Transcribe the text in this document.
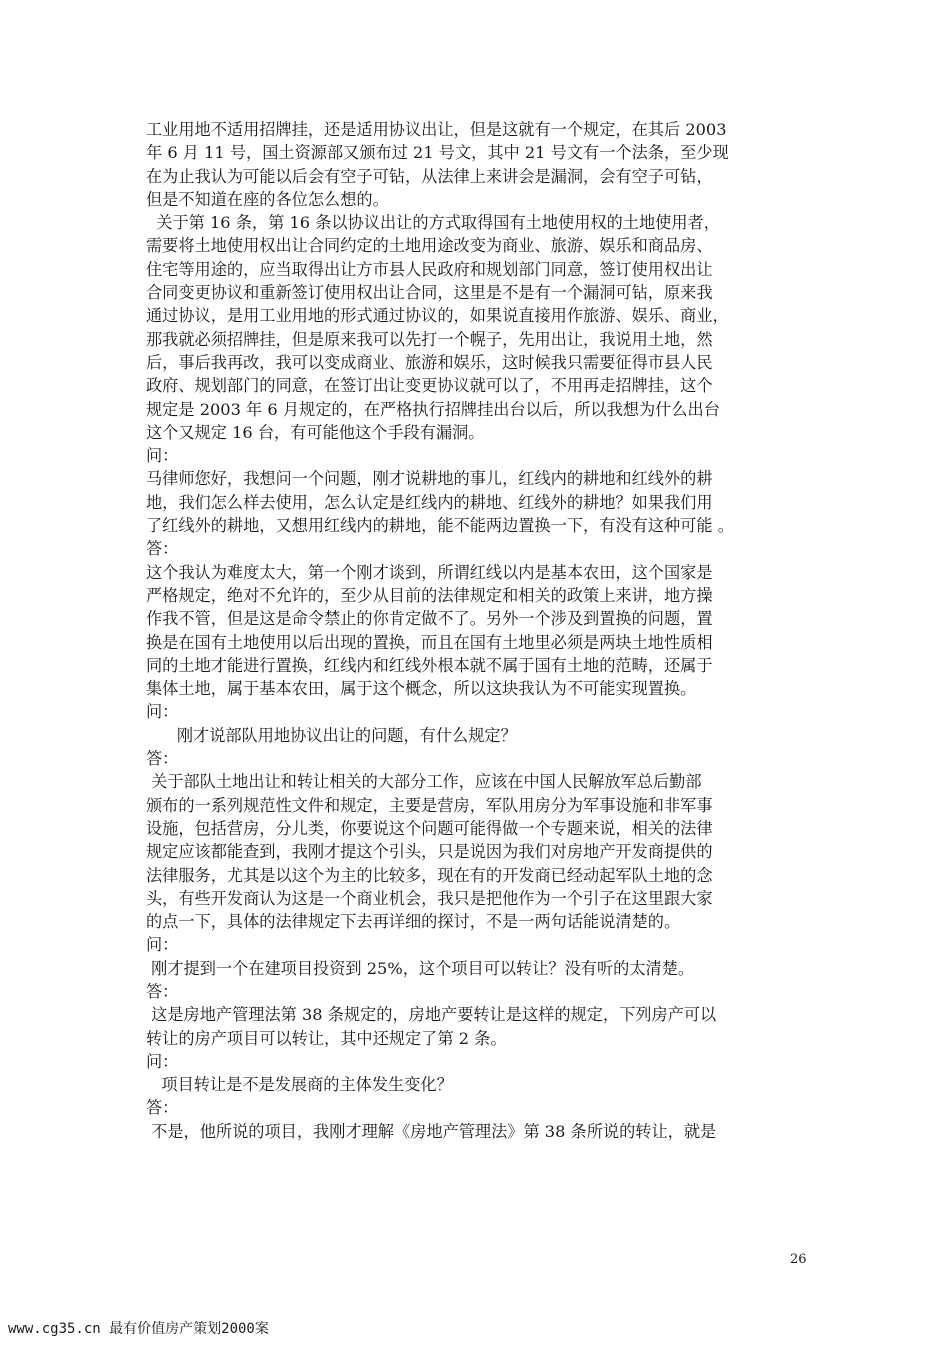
工业用地不适用招牌挂，还是适用协议出让，但是这就有一个规定，在其后 2003
年 6 月 11 号，国土资源部又颁布过 21 号文，其中 21 号文有一个法条，至少现
在为止我认为可能以后会有空子可钻，从法律上来讲会是漏洞，会有空子可钻，
但是不知道在座的各位怎么想的。
关于第 16 条，第 16 条以协议出让的方式取得国有土地使用权的土地使用者，
需要将土地使用权出让合同约定的土地用途改变为商业、旅游、娱乐和商品房、
住宅等用途的，应当取得出让方市县人民政府和规划部门同意，签订使用权出让
合同变更协议和重新签订使用权出让合同，这里是不是有一个漏洞可钻，原来我
通过协议，是用工业用地的形式通过协议的，如果说直接用作旅游、娱乐、商业，
那我就必须招牌挂，但是原来我可以先打一个幌子，先用出让，我说用土地，然
后，事后我再改，我可以变成商业、旅游和娱乐，这时候我只需要征得市县人民
政府、规划部门的同意，在签订出让变更协议就可以了，不用再走招牌挂，这个
规定是 2003 年 6 月规定的，在严格执行招牌挂出台以后，所以我想为什么出台
这个又规定 16 台，有可能他这个手段有漏洞。
问：
马律师您好，我想问一个问题，刚才说耕地的事儿，红线内的耕地和红线外的耕
地，我们怎么样去使用，怎么认定是红线内的耕地、红线外的耕地？如果我们用
了红线外的耕地，又想用红线内的耕地，能不能两边置换一下，有没有这种可能 。
答：
这个我认为难度太大，第一个刚才谈到，所谓红线以内是基本农田，这个国家是
严格规定，绝对不允许的，至少从目前的法律规定和相关的政策上来讲，地方操
作我不管，但是这是命令禁止的你肯定做不了。另外一个涉及到置换的问题，置
换是在国有土地使用以后出现的置换，而且在国有土地里必须是两块土地性质相
同的土地才能进行置换，红线内和红线外根本就不属于国有土地的范畴，还属于
集体土地，属于基本农田，属于这个概念，所以这块我认为不可能实现置换。
问：
刚才说部队用地协议出让的问题，有什么规定？
答：
关于部队土地出让和转让相关的大部分工作，应该在中国人民解放军总后勤部
颁布的一系列规范性文件和规定，主要是营房，军队用房分为军事设施和非军事
设施，包括营房，分儿类，你要说这个问题可能得做一个专题来说，相关的法律
规定应该都能查到，我刚才提这个引头，只是说因为我们对房地产开发商提供的
法律服务，尤其是以这个为主的比较多，现在有的开发商已经动起军队土地的念
头，有些开发商认为这是一个商业机会，我只是把他作为一个引子在这里跟大家
的点一下，具体的法律规定下去再详细的探讨，不是一两句话能说清楚的。
问：
刚才提到一个在建项目投资到 25%，这个项目可以转让？没有听的太清楚。
答：
这是房地产管理法第 38 条规定的，房地产要转让是这样的规定，下列房产可以
转让的房产项目可以转让，其中还规定了第 2 条。
问：
项目转让是不是发展商的主体发生变化？
答：
不是，他所说的项目，我刚才理解《房地产管理法》第 38 条所说的转让，就是
26
www.cg35.cn 最有价值房产策划2000案
